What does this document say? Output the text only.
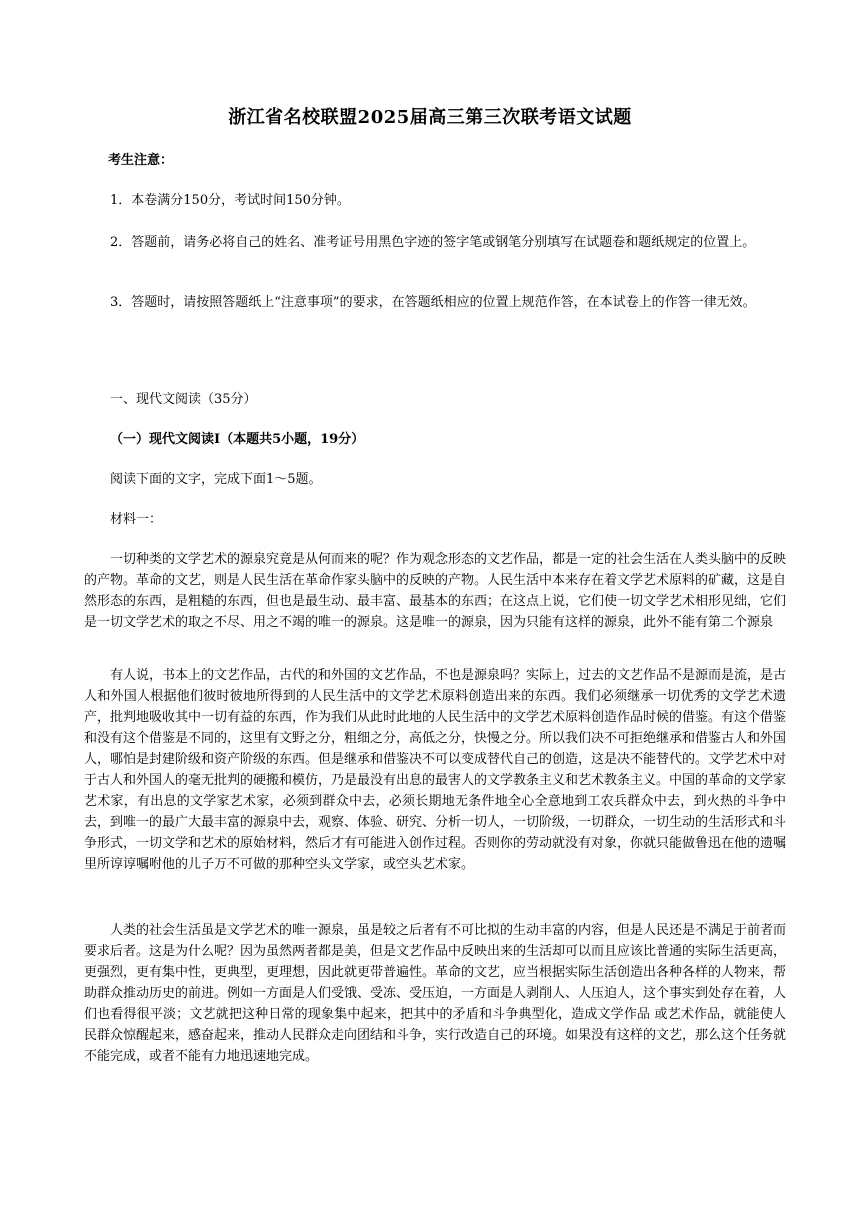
浙江省名校联盟2025届高三第三次联考语文试题
考生注意：

1．本卷满分150分，考试时间150分钟。

2．答题前，请务必将自己的姓名、准考证号用黑色字迹的签字笔或钢笔分别填写在试题卷和题纸规定的位置上。

3．答题时，请按照答题纸上“注意事项”的要求，在答题纸相应的位置上规范作答，在本试卷上的作答一律无效。

一、现代文阅读（35分）

（一）现代文阅读Ⅰ（本题共5小题，19分）

阅读下面的文字，完成下面1～5题。

材料一：

一切种类的文学艺术的源泉究竟是从何而来的呢？作为观念形态的文艺作品，都是一定的社会生活在人类头脑中的反映的产物。革命的文艺，则是人民生活在革命作家头脑中的反映的产物。人民生活中本来存在着文学艺术原料的矿藏，这是自然形态的东西，是粗糙的东西，但也是最生动、最丰富、最基本的东西；在这点上说，它们使一切文学艺术相形见绌，它们是一切文学艺术的取之不尽、用之不竭的唯一的源泉。这是唯一的源泉，因为只能有这样的源泉，此外不能有第二个源泉

有人说，书本上的文艺作品，古代的和外国的文艺作品，不也是源泉吗？实际上，过去的文艺作品不是源而是流，是古人和外国人根据他们彼时彼地所得到的人民生活中的文学艺术原料创造出来的东西。我们必须继承一切优秀的文学艺术遗产，批判地吸收其中一切有益的东西，作为我们从此时此地的人民生活中的文学艺术原料创造作品时候的借鉴。有这个借鉴和没有这个借鉴是不同的，这里有文野之分，粗细之分，高低之分，快慢之分。所以我们决不可拒绝继承和借鉴古人和外国人，哪怕是封建阶级和资产阶级的东西。但是继承和借鉴决不可以变成替代自己的创造，这是决不能替代的。文学艺术中对于古人和外国人的毫无批判的硬搬和模仿，乃是最没有出息的最害人的文学教条主义和艺术教条主义。中国的革命的文学家艺术家，有出息的文学家艺术家，必须到群众中去，必须长期地无条件地全心全意地到工农兵群众中去，到火热的斗争中去，到唯一的最广大最丰富的源泉中去，观察、体验、研究、分析一切人，一切阶级，一切群众，一切生动的生活形式和斗争形式，一切文学和艺术的原始材料，然后才有可能进入创作过程。否则你的劳动就没有对象，你就只能做鲁迅在他的遗嘱里所谆谆嘱咐他的儿子万不可做的那种空头文学家，或空头艺术家。

人类的社会生活虽是文学艺术的唯一源泉，虽是较之后者有不可比拟的生动丰富的内容，但是人民还是不满足于前者而要求后者。这是为什么呢？因为虽然两者都是美，但是文艺作品中反映出来的生活却可以而且应该比普通的实际生活更高，更强烈，更有集中性，更典型，更理想，因此就更带普遍性。革命的文艺，应当根据实际生活创造出各种各样的人物来，帮助群众推动历史的前进。例如一方面是人们受饿、受冻、受压迫，一方面是人剥削人、人压迫人，这个事实到处存在着，人们也看得很平淡；文艺就把这种日常的现象集中起来，把其中的矛盾和斗争典型化，造成文学作品 或艺术作品，就能使人民群众惊醒起来，感奋起来，推动人民群众走向团结和斗争，实行改造自己的环境。如果没有这样的文艺，那么这个任务就不能完成，或者不能有力地迅速地完成。
